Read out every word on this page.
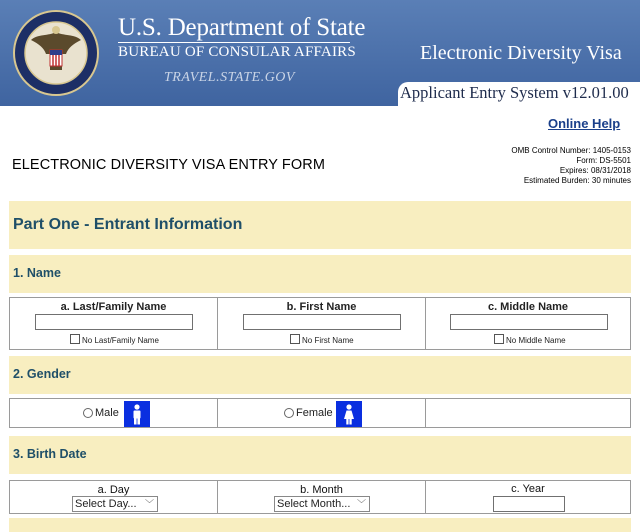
U.S. Department of State
BUREAU OF CONSULAR AFFAIRS
TRAVEL.STATE.GOV
Electronic Diversity Visa
Applicant Entry System v12.01.00
Online Help
ELECTRONIC DIVERSITY VISA ENTRY FORM
OMB Control Number: 1405-0153
Form: DS-5501
Expires: 08/31/2018
Estimated Burden: 30 minutes
Part One - Entrant Information
1. Name
a. Last/Family Name
No Last/Family Name
b. First Name
No First Name
c. Middle Name
No Middle Name
2. Gender
Male	Female
3. Birth Date
a. Day
Select Day... ﹀
b. Month
Select Month... ﹀
c. Year
